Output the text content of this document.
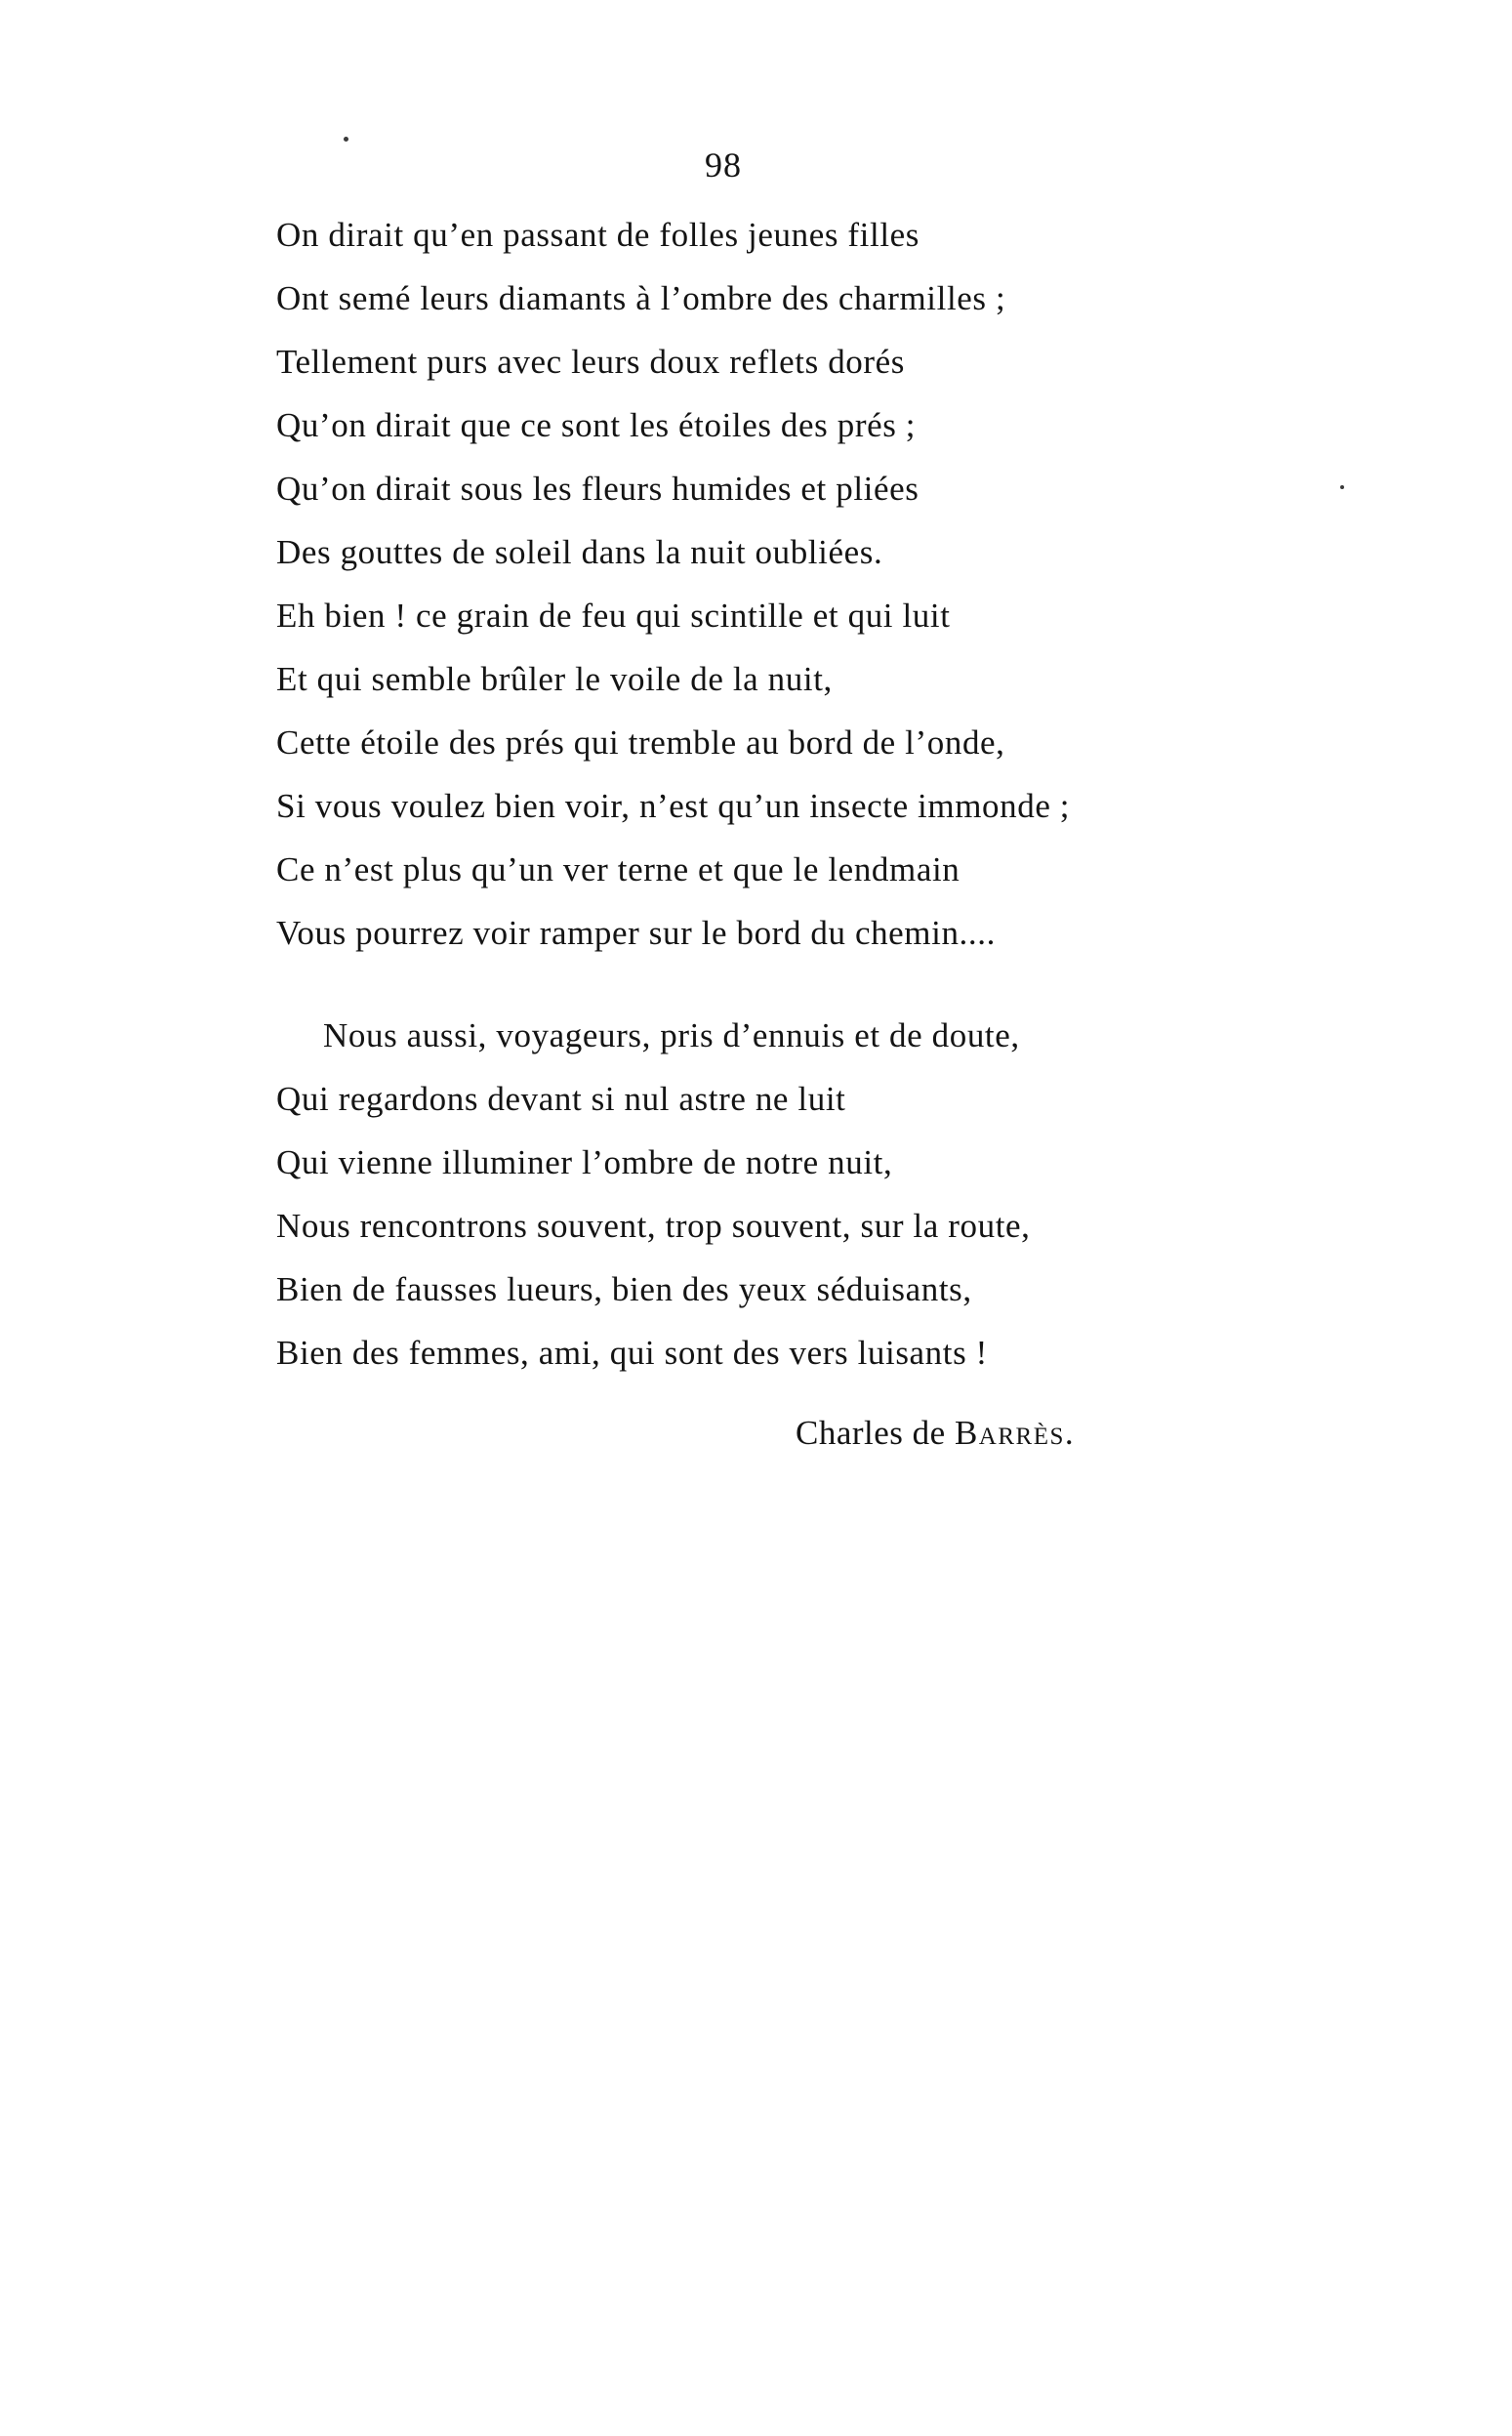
98
On dirait qu’en passant de folles jeunes filles
Ont semé leurs diamants à l’ombre des charmilles ;
Tellement purs avec leurs doux reflets dorés
Qu’on dirait que ce sont les étoiles des prés ;
Qu’on dirait sous les fleurs humides et pliées
Des gouttes de soleil dans la nuit oubliées.
Eh bien ! ce grain de feu qui scintille et qui luit
Et qui semble brûler le voile de la nuit,
Cette étoile des prés qui tremble au bord de l’onde,
Si vous voulez bien voir, n’est qu’un insecte immonde ;
Ce n’est plus qu’un ver terne et que le lendmain
Vous pourrez voir ramper sur le bord du chemin....
Nous aussi, voyageurs, pris d’ennuis et de doute,
Qui regardons devant si nul astre ne luit
Qui vienne illuminer l’ombre de notre nuit,
Nous rencontrons souvent, trop souvent, sur la route,
Bien de fausses lueurs, bien des yeux séduisants,
Bien des femmes, ami, qui sont des vers luisants !
Charles de Barrès.
